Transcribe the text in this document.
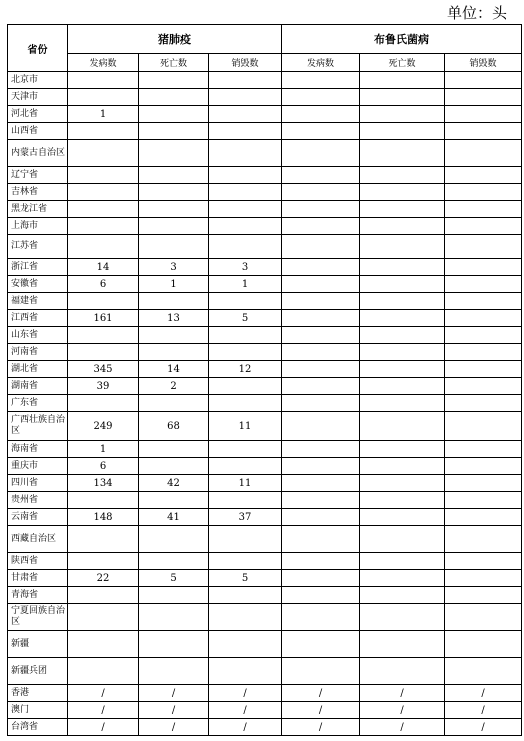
单位：头
省份	猪肺疫			布鲁氏菌病		
	发病数	死亡数	销毁数	发病数	死亡数	销毁数
北京市						
天津市						
河北省	1					
山西省						
内蒙古自治区						
辽宁省						
吉林省						
黑龙江省						
上海市						
江苏省						
浙江省	14	3	3			
安徽省	6	1	1			
福建省						
江西省	161	13	5			
山东省						
河南省						
湖北省	345	14	12			
湖南省	39	2				
广东省						
广西壮族自治区	249	68	11			
海南省	1					
重庆市	6					
四川省	134	42	11			
贵州省						
云南省	148	41	37			
西藏自治区						
陕西省						
甘肃省	22	5	5			
青海省						
宁夏回族自治区						
新疆						
新疆兵团						
香港	/	/	/	/	/	/
澳门	/	/	/	/	/	/
台湾省	/	/	/	/	/	/
